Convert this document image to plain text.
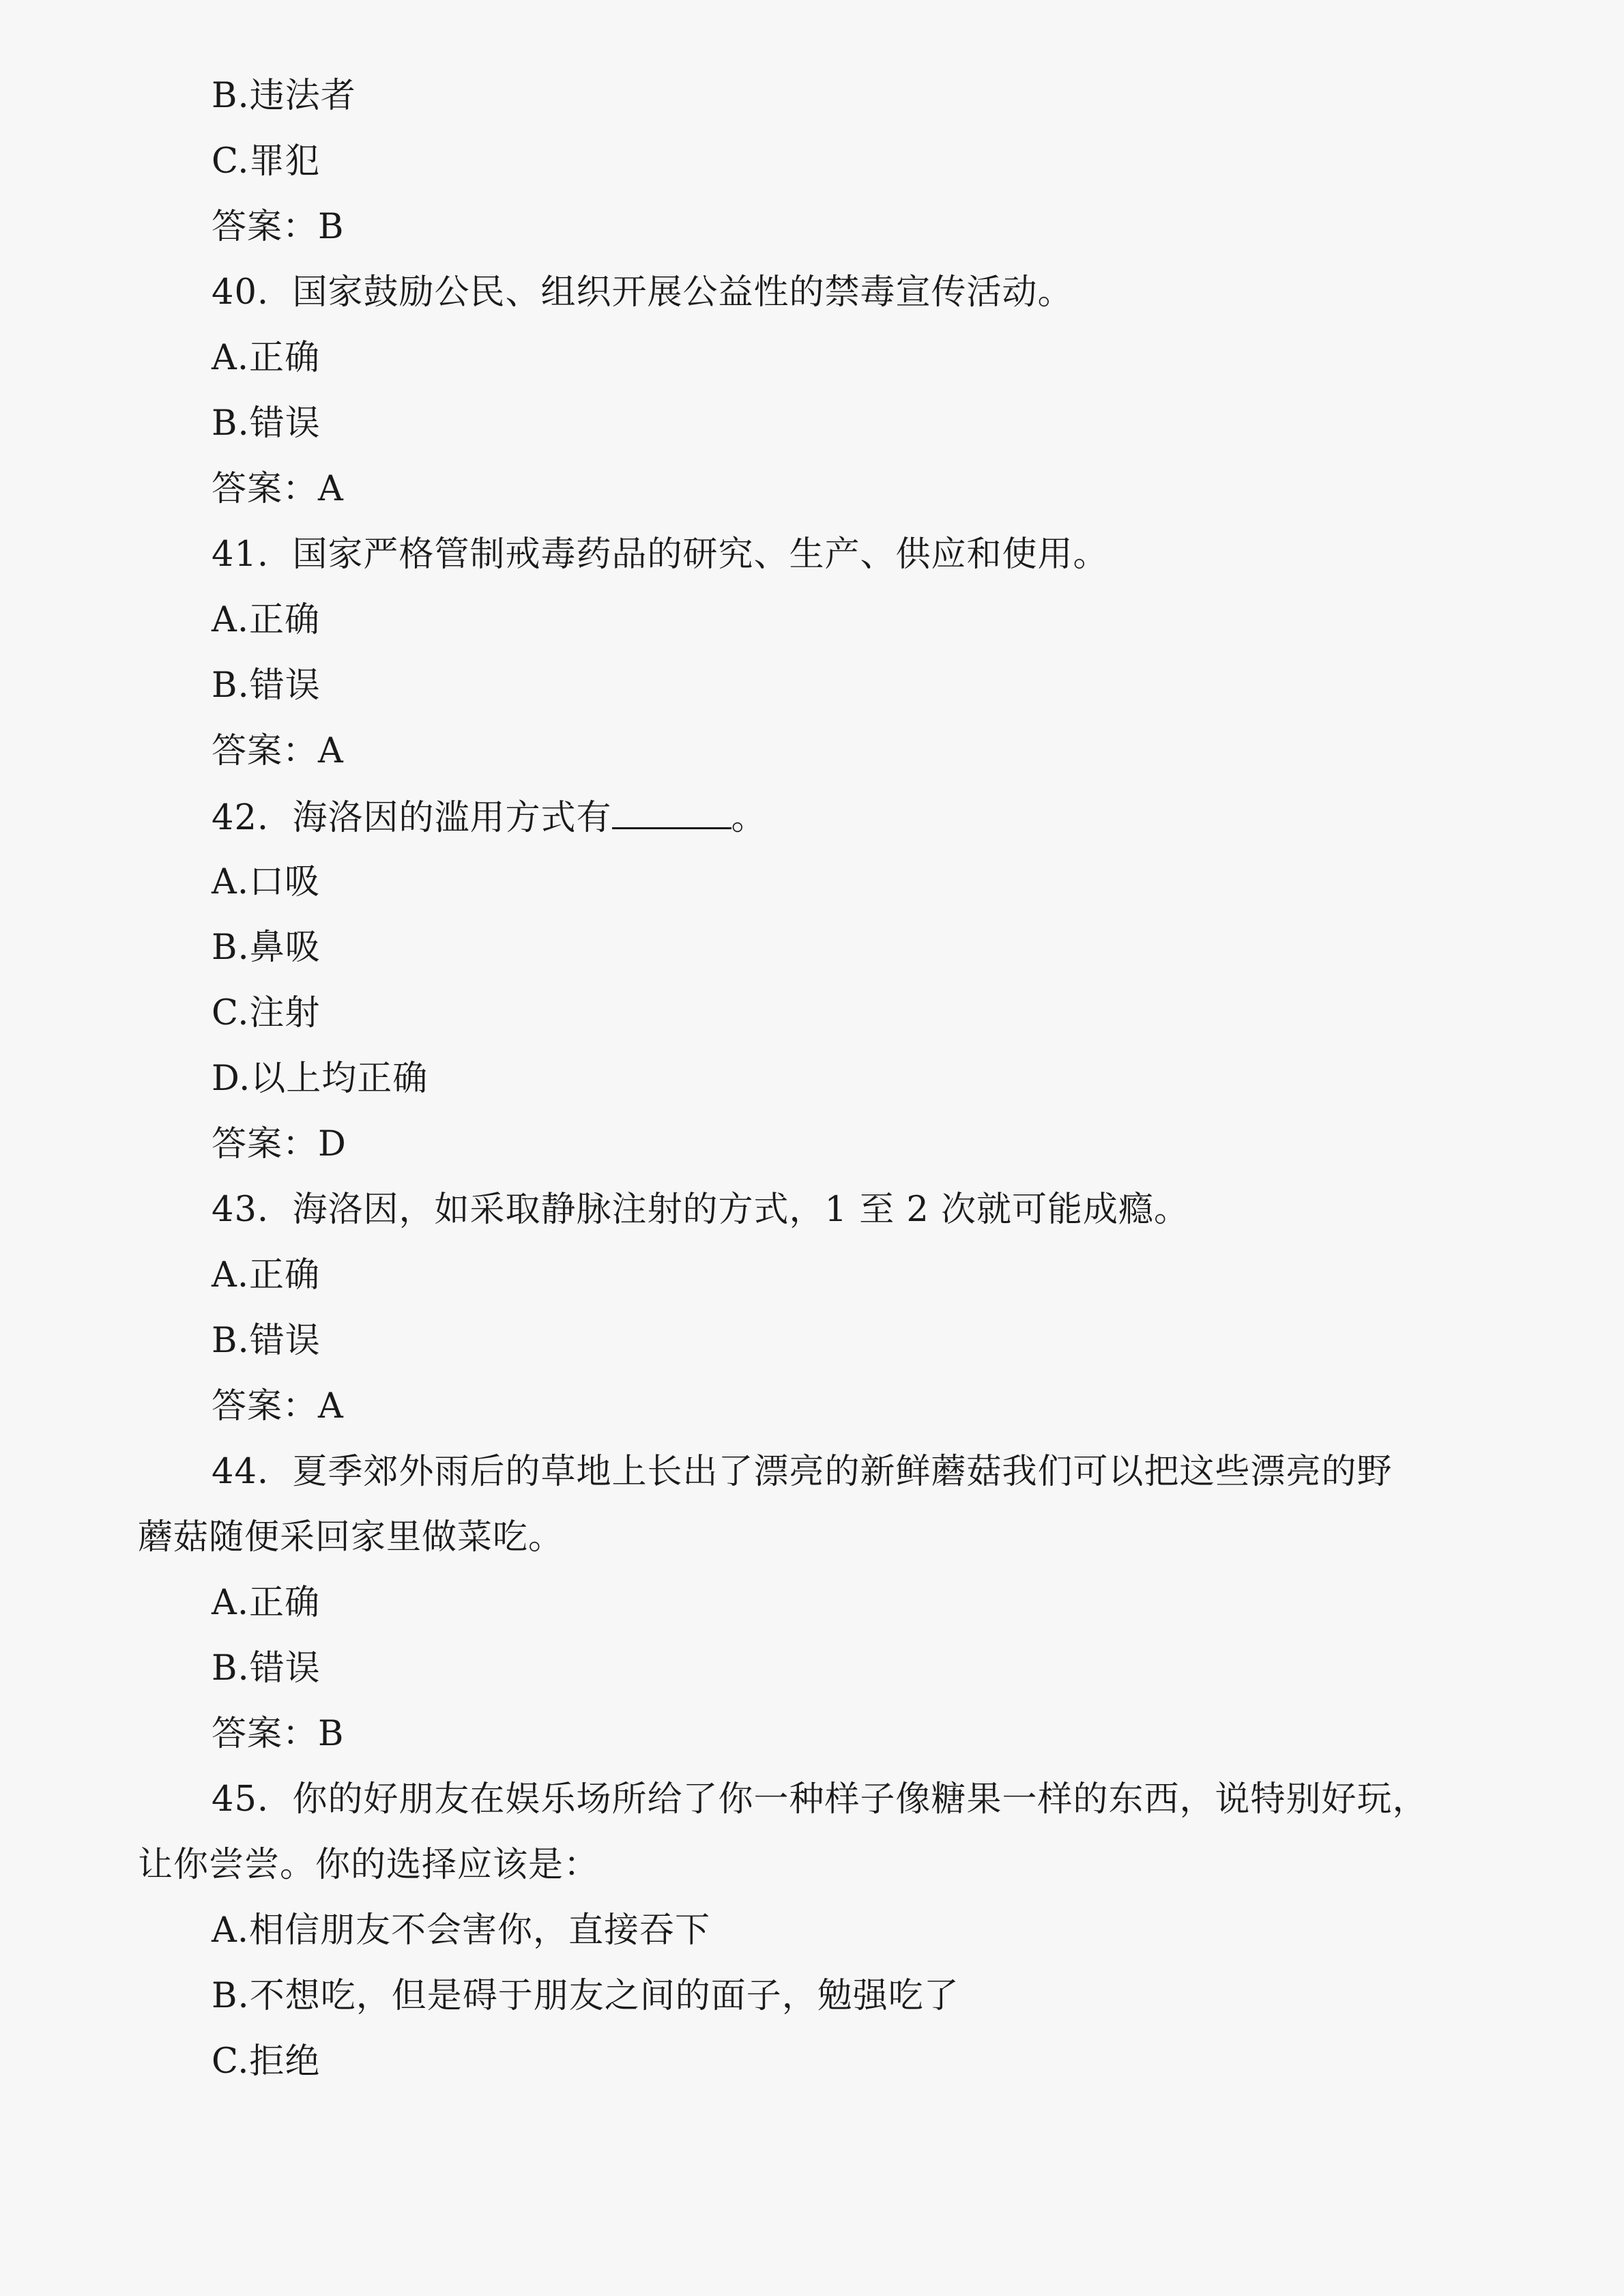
B.违法者
C.罪犯
答案：B
40.  国家鼓励公民、组织开展公益性的禁毒宣传活动。
A.正确
B.错误
答案：A
41.  国家严格管制戒毒药品的研究、生产、供应和使用。
A.正确
B.错误
答案：A
42.  海洛因的滥用方式有	。
A.口吸
B.鼻吸
C.注射
D.以上均正确
答案：D
43.  海洛因，如采取静脉注射的方式，1 至 2 次就可能成瘾。
A.正确
B.错误
答案：A
44.  夏季郊外雨后的草地上长出了漂亮的新鲜蘑菇我们可以把这些漂亮的野
蘑菇随便采回家里做菜吃。
A.正确
B.错误
答案：B
45.  你的好朋友在娱乐场所给了你一种样子像糖果一样的东西，说特别好玩，
让你尝尝。你的选择应该是：
A.相信朋友不会害你，直接吞下
B.不想吃，但是碍于朋友之间的面子，勉强吃了
C.拒绝
